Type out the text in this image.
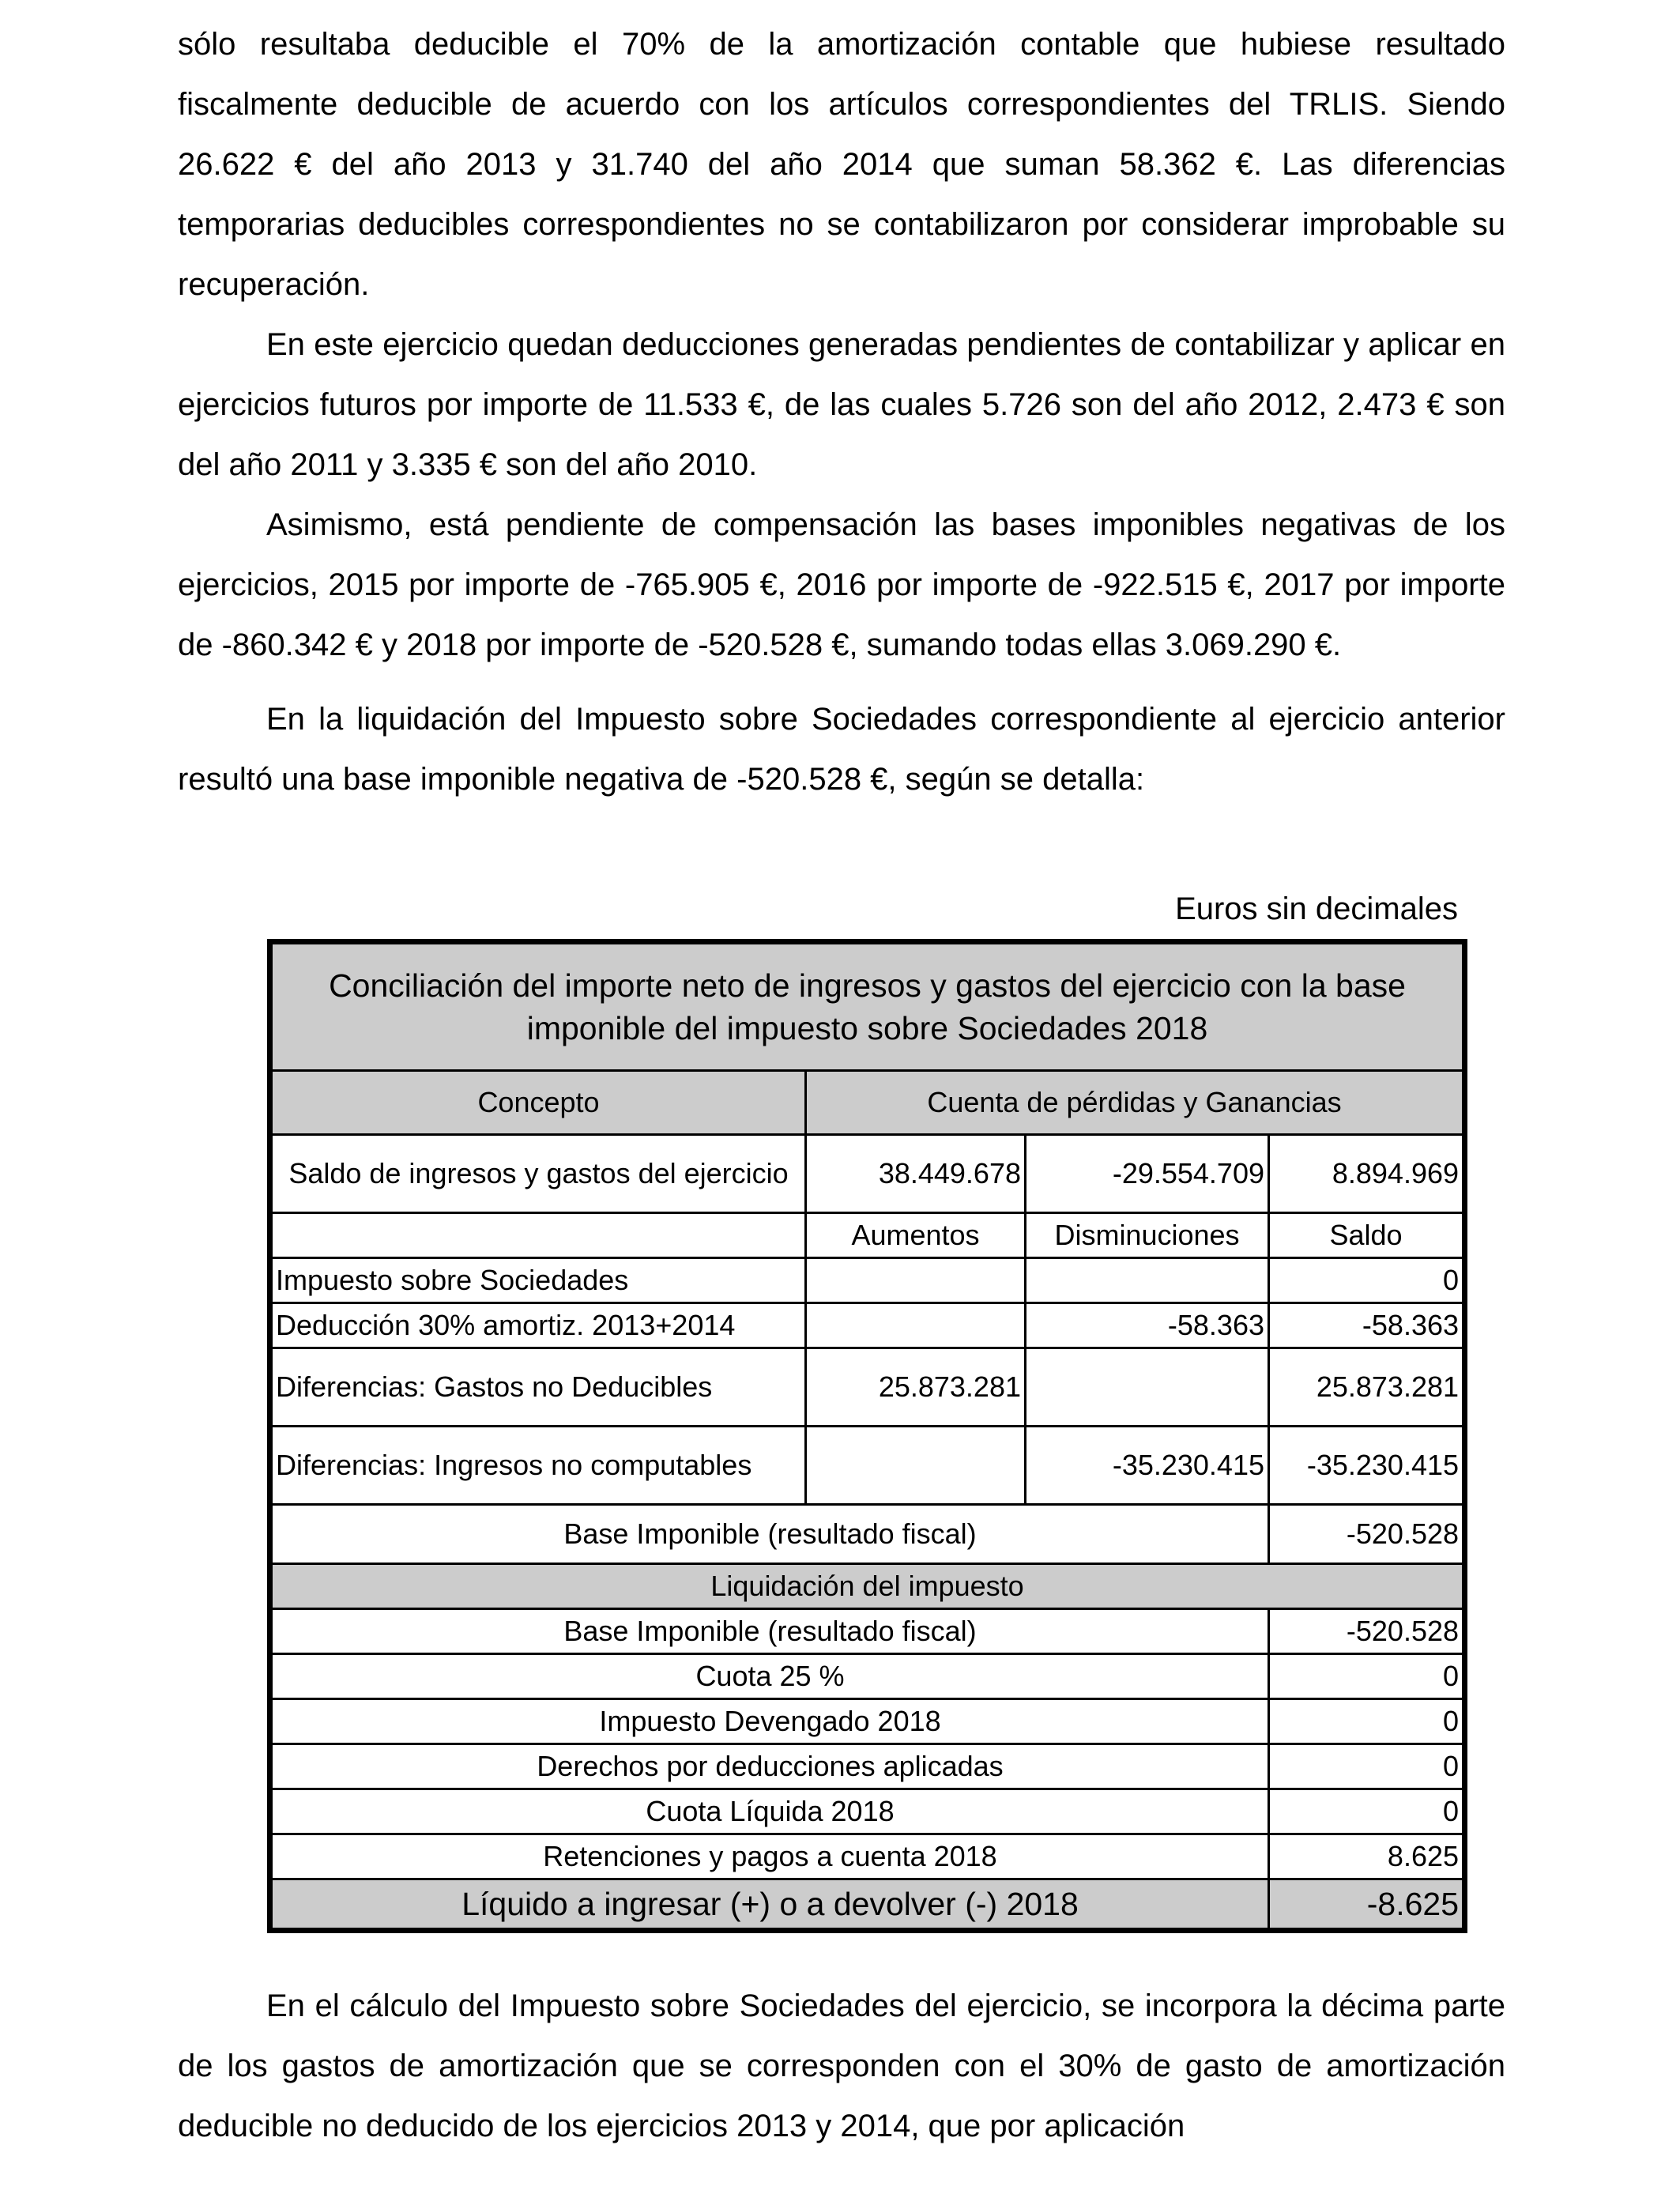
sólo resultaba deducible el 70% de la amortización contable que hubiese resultado fiscalmente deducible de acuerdo con los artículos correspondientes del TRLIS. Siendo 26.622 € del año 2013 y 31.740 del año 2014 que suman 58.362 €. Las diferencias temporarias deducibles correspondientes no se contabilizaron por considerar improbable su recuperación.

En este ejercicio quedan deducciones generadas pendientes de contabilizar y aplicar en ejercicios futuros por importe de 11.533 €, de las cuales 5.726 son del año 2012, 2.473 € son del año 2011 y 3.335 € son del año 2010.

Asimismo, está pendiente de compensación las bases imponibles negativas de los ejercicios, 2015 por importe de -765.905 €, 2016 por importe de -922.515 €, 2017 por importe de -860.342 € y 2018 por importe de -520.528 €, sumando todas ellas 3.069.290 €.

En la liquidación del Impuesto sobre Sociedades correspondiente al ejercicio anterior resultó una base imponible negativa de -520.528 €, según se detalla:

Euros sin decimales
Conciliación del importe neto de ingresos y gastos del ejercicio con la base imponible del impuesto sobre Sociedades 2018			
Concepto	Cuenta de pérdidas y Ganancias		
Saldo de ingresos y gastos del ejercicio	38.449.678	-29.554.709	8.894.969
	Aumentos	Disminuciones	Saldo
Impuesto sobre Sociedades			0
Deducción 30% amortiz. 2013+2014		-58.363	-58.363
Diferencias: Gastos no Deducibles	25.873.281		25.873.281
Diferencias: Ingresos no computables		-35.230.415	-35.230.415
Base Imponible (resultado fiscal)			-520.528
Liquidación del impuesto			
Base Imponible (resultado fiscal)			-520.528
Cuota 25 %			0
Impuesto Devengado 2018			0
Derechos por deducciones aplicadas			0
Cuota Líquida 2018			0
Retenciones y pagos a cuenta 2018			8.625
Líquido a ingresar (+) o a devolver (-) 2018			-8.625

En el cálculo del Impuesto sobre Sociedades del ejercicio, se incorpora la décima parte de los gastos de amortización que se corresponden con el 30% de gasto de amortización deducible no deducido de los ejercicios 2013 y 2014, que por aplicación
